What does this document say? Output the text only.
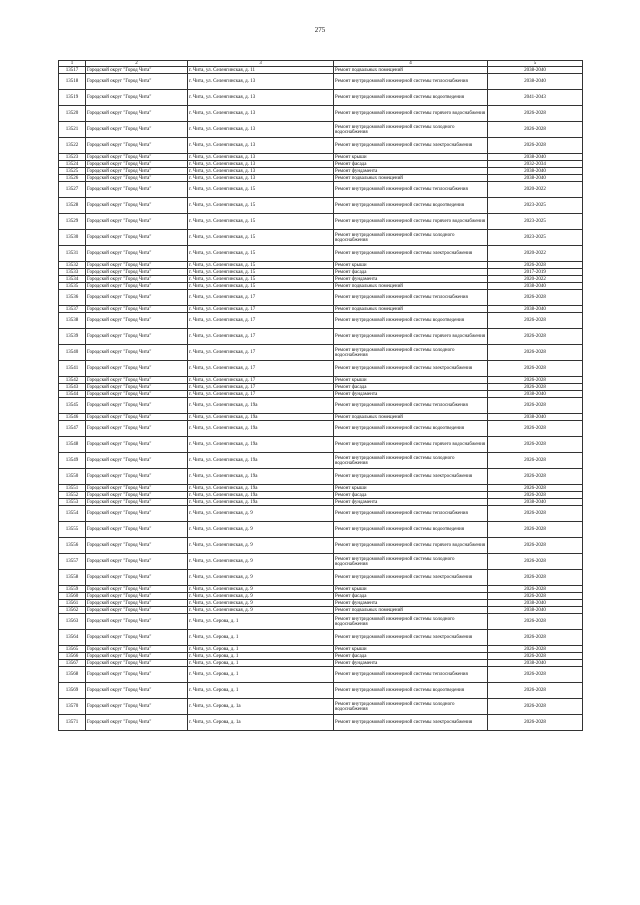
275
1	2	3	4	5
13517	Городской округ "Город Чита"	г. Чита, ул. Селенгинская, д. 11	Ремонт подвальных помещений	2038-2040
13518	Городской округ "Город Чита"	г. Чита, ул. Селенгинская, д. 13	Ремонт внутридомовой инженерной системы теплоснабжения	2038-2040
13519	Городской округ "Город Чита"	г. Чита, ул. Селенгинская, д. 13	Ремонт внутридомовой инженерной системы водоотведения	2041-2043
13520	Городской округ "Город Чита"	г. Чита, ул. Селенгинская, д. 13	Ремонт внутридомовой инженерной системы горячего водоснабжения	2026-2028
13521	Городской округ "Город Чита"	г. Чита, ул. Селенгинская, д. 13	Ремонт внутридомовой инженерной системы холодного водоснабжения	2026-2028
13522	Городской округ "Город Чита"	г. Чита, ул. Селенгинская, д. 13	Ремонт внутридомовой инженерной системы электроснабжения	2026-2028
13523	Городской округ "Город Чита"	г. Чита, ул. Селенгинская, д. 13	Ремонт крыши	2038-2040
13524	Городской округ "Город Чита"	г. Чита, ул. Селенгинская, д. 13	Ремонт фасада	2032-2034
13525	Городской округ "Город Чита"	г. Чита, ул. Селенгинская, д. 13	Ремонт фундамента	2038-2040
13526	Городской округ "Город Чита"	г. Чита, ул. Селенгинская, д. 13	Ремонт подвальных помещений	2038-2040
13527	Городской округ "Город Чита"	г. Чита, ул. Селенгинская, д. 15	Ремонт внутридомовой инженерной системы теплоснабжения	2020-2022
13528	Городской округ "Город Чита"	г. Чита, ул. Селенгинская, д. 15	Ремонт внутридомовой инженерной системы водоотведения	2023-2025
13529	Городской округ "Город Чита"	г. Чита, ул. Селенгинская, д. 15	Ремонт внутридомовой инженерной системы горячего водоснабжения	2023-2025
13530	Городской округ "Город Чита"	г. Чита, ул. Селенгинская, д. 15	Ремонт внутридомовой инженерной системы холодного водоснабжения	2023-2025
13531	Городской округ "Город Чита"	г. Чита, ул. Селенгинская, д. 15	Ремонт внутридомовой инженерной системы электроснабжения	2020-2022
13532	Городской округ "Город Чита"	г. Чита, ул. Селенгинская, д. 15	Ремонт крыши	2026-2028
13533	Городской округ "Город Чита"	г. Чита, ул. Селенгинская, д. 15	Ремонт фасада	2017-2019
13534	Городской округ "Город Чита"	г. Чита, ул. Селенгинская, д. 15	Ремонт фундамента	2020-2022
13535	Городской округ "Город Чита"	г. Чита, ул. Селенгинская, д. 15	Ремонт подвальных помещений	2038-2040
13536	Городской округ "Город Чита"	г. Чита, ул. Селенгинская, д. 17	Ремонт внутридомовой инженерной системы теплоснабжения	2026-2028
13537	Городской округ "Город Чита"	г. Чита, ул. Селенгинская, д. 17	Ремонт подвальных помещений	2038-2040
13538	Городской округ "Город Чита"	г. Чита, ул. Селенгинская, д. 17	Ремонт внутридомовой инженерной системы водоотведения	2026-2028
13539	Городской округ "Город Чита"	г. Чита, ул. Селенгинская, д. 17	Ремонт внутридомовой инженерной системы горячего водоснабжения	2026-2028
13540	Городской округ "Город Чита"	г. Чита, ул. Селенгинская, д. 17	Ремонт внутридомовой инженерной системы холодного водоснабжения	2026-2028
13541	Городской округ "Город Чита"	г. Чита, ул. Селенгинская, д. 17	Ремонт внутридомовой инженерной системы электроснабжения	2026-2028
13542	Городской округ "Город Чита"	г. Чита, ул. Селенгинская, д. 17	Ремонт крыши	2026-2028
13543	Городской округ "Город Чита"	г. Чита, ул. Селенгинская, д. 17	Ремонт фасада	2026-2028
13544	Городской округ "Город Чита"	г. Чита, ул. Селенгинская, д. 17	Ремонт фундамента	2038-2040
13545	Городской округ "Город Чита"	г. Чита, ул. Селенгинская, д. 19а	Ремонт внутридомовой инженерной системы теплоснабжения	2026-2028
13546	Городской округ "Город Чита"	г. Чита, ул. Селенгинская, д. 19а	Ремонт подвальных помещений	2038-2040
13547	Городской округ "Город Чита"	г. Чита, ул. Селенгинская, д. 19а	Ремонт внутридомовой инженерной системы водоотведения	2026-2028
13548	Городской округ "Город Чита"	г. Чита, ул. Селенгинская, д. 19а	Ремонт внутридомовой инженерной системы горячего водоснабжения	2026-2028
13549	Городской округ "Город Чита"	г. Чита, ул. Селенгинская, д. 19а	Ремонт внутридомовой инженерной системы холодного водоснабжения	2026-2028
13550	Городской округ "Город Чита"	г. Чита, ул. Селенгинская, д. 19а	Ремонт внутридомовой инженерной системы электроснабжения	2026-2028
13551	Городской округ "Город Чита"	г. Чита, ул. Селенгинская, д. 19а	Ремонт крыши	2026-2028
13552	Городской округ "Город Чита"	г. Чита, ул. Селенгинская, д. 19а	Ремонт фасада	2026-2028
13553	Городской округ "Город Чита"	г. Чита, ул. Селенгинская, д. 19а	Ремонт фундамента	2038-2040
13554	Городской округ "Город Чита"	г. Чита, ул. Селенгинская, д. 9	Ремонт внутридомовой инженерной системы теплоснабжения	2026-2028
13555	Городской округ "Город Чита"	г. Чита, ул. Селенгинская, д. 9	Ремонт внутридомовой инженерной системы водоотведения	2026-2028
13556	Городской округ "Город Чита"	г. Чита, ул. Селенгинская, д. 9	Ремонт внутридомовой инженерной системы горячего водоснабжения	2026-2028
13557	Городской округ "Город Чита"	г. Чита, ул. Селенгинская, д. 9	Ремонт внутридомовой инженерной системы холодного водоснабжения	2026-2028
13558	Городской округ "Город Чита"	г. Чита, ул. Селенгинская, д. 9	Ремонт внутридомовой инженерной системы электроснабжения	2026-2028
13559	Городской округ "Город Чита"	г. Чита, ул. Селенгинская, д. 9	Ремонт крыши	2026-2028
13560	Городской округ "Город Чита"	г. Чита, ул. Селенгинская, д. 9	Ремонт фасада	2026-2028
13561	Городской округ "Город Чита"	г. Чита, ул. Селенгинская, д. 9	Ремонт фундамента	2038-2040
13562	Городской округ "Город Чита"	г. Чита, ул. Селенгинская, д. 9	Ремонт подвальных помещений	2038-2040
13563	Городской округ "Город Чита"	г. Чита, ул. Серова, д. 1	Ремонт внутридомовой инженерной системы холодного водоснабжения	2026-2028
13564	Городской округ "Город Чита"	г. Чита, ул. Серова, д. 1	Ремонт внутридомовой инженерной системы электроснабжения	2026-2028
13565	Городской округ "Город Чита"	г. Чита, ул. Серова, д. 1	Ремонт крыши	2026-2028
13566	Городской округ "Город Чита"	г. Чита, ул. Серова, д. 1	Ремонт фасада	2026-2028
13567	Городской округ "Город Чита"	г. Чита, ул. Серова, д. 1	Ремонт фундамента	2038-2040
13568	Городской округ "Город Чита"	г. Чита, ул. Серова, д. 1	Ремонт внутридомовой инженерной системы теплоснабжения	2026-2028
13569	Городской округ "Город Чита"	г. Чита, ул. Серова, д. 1	Ремонт внутридомовой инженерной системы водоотведения	2026-2028
13570	Городской округ "Город Чита"	г. Чита, ул. Серова, д. 1а	Ремонт внутридомовой инженерной системы холодного водоснабжения	2026-2028
13571	Городской округ "Город Чита"	г. Чита, ул. Серова, д. 1а	Ремонт внутридомовой инженерной системы электроснабжения	2026-2028
